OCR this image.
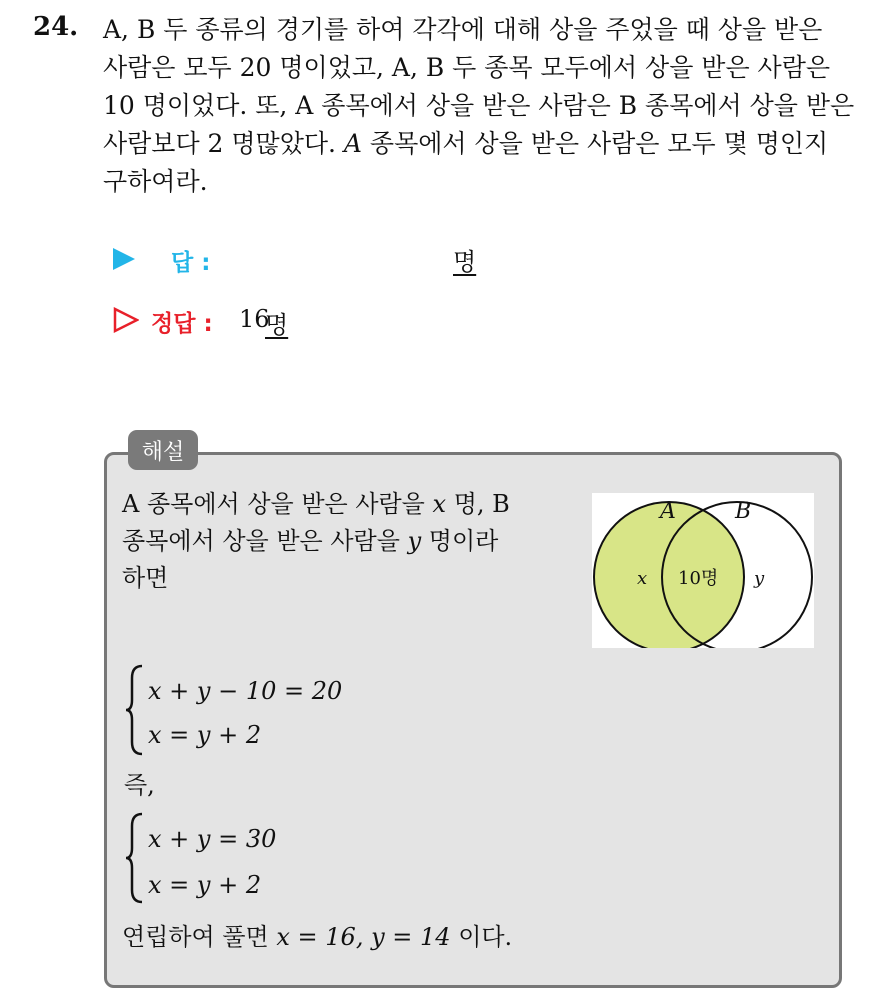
24. A, B 두 종류의 경기를 하여 각각에 대해 상을 주었을 때 상을 받은
사람은 모두 20 명이었고, A, B 두 종목 모두에서 상을 받은 사람은
10 명이었다. 또, A 종목에서 상을 받은 사람은 B 종목에서 상을 받은
사람보다 2 명많았다. A 종목에서 상을 받은 사람은 모두 몇 명인지
구하여라.
답 :	명
정답 : 16
명
해설
A 종목에서 상을 받은 사람을 x 명, B
종목에서 상을 받은 사람을 y 명이라
하면
A	B
x 10명 y
x + y − 10 = 20
x = y + 2
즉,
x + y = 30
x = y + 2
연립하여 풀면 x = 16, y = 14 이다.
